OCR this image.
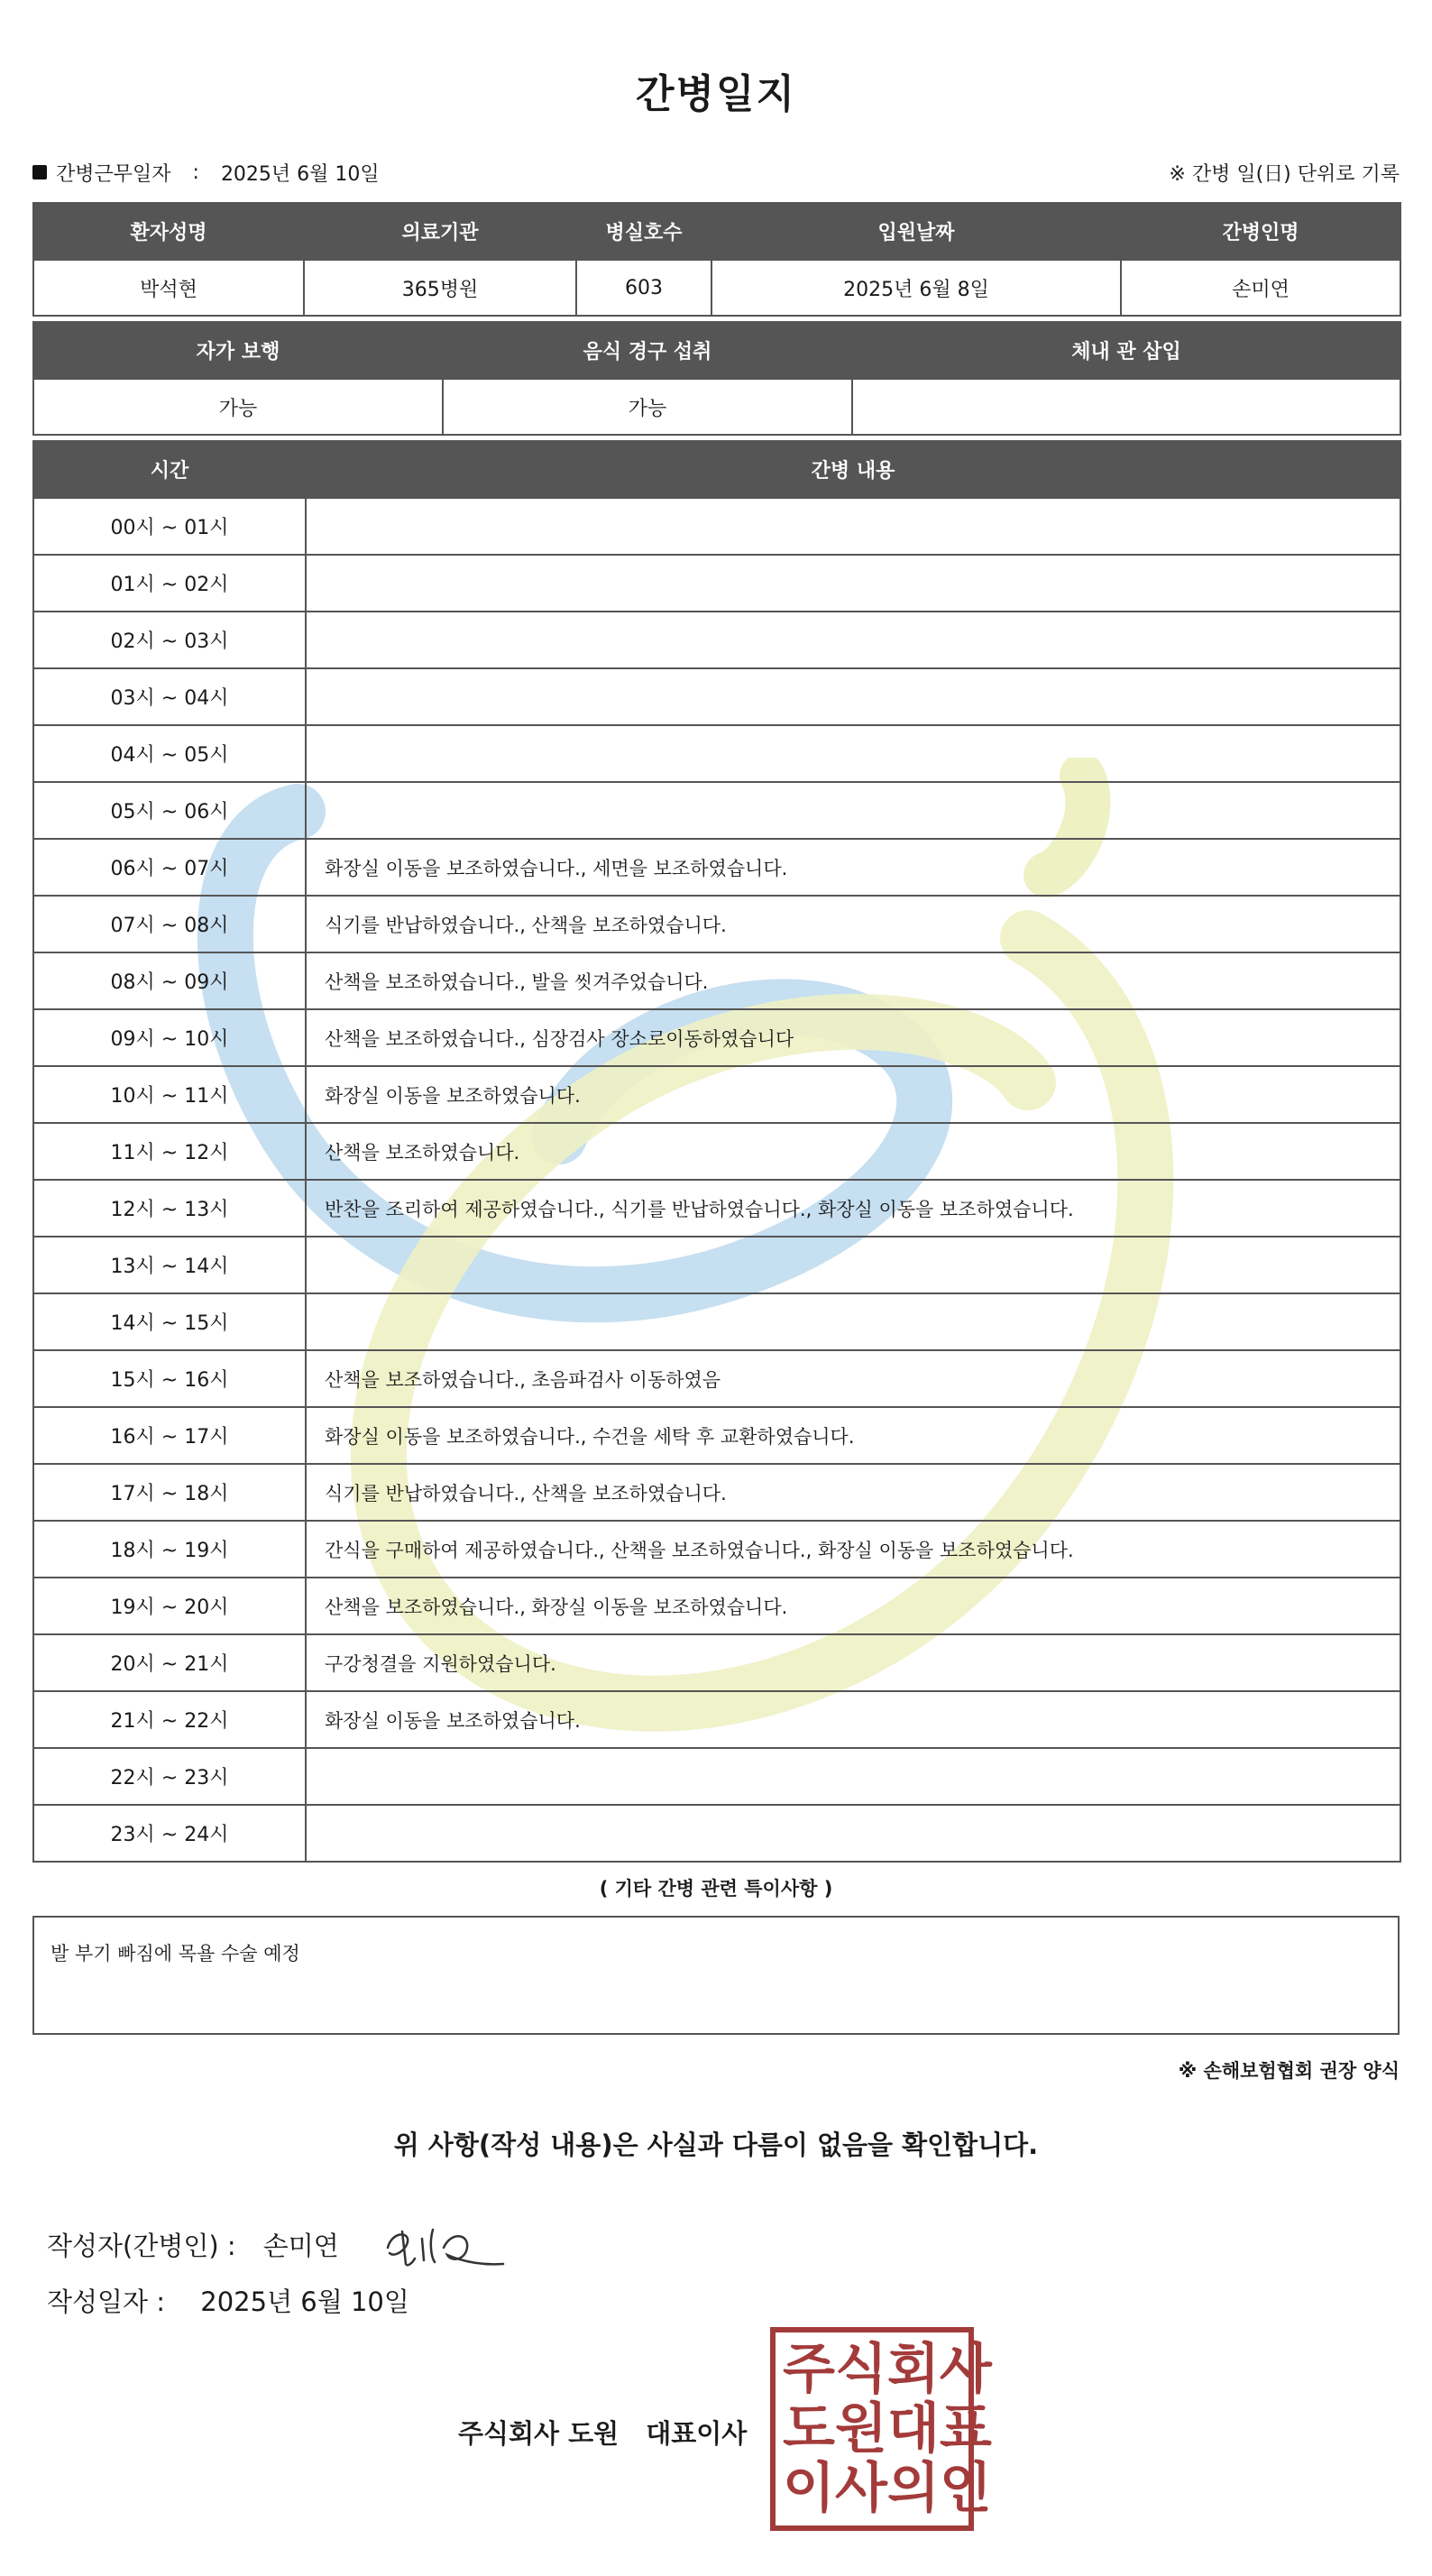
간병일지
간병근무일자 : 2025년 6월 10일	※ 간병 일(日) 단위로 기록
환자성명	의료기관	병실호수	입원날짜	간병인명
박석현	365병원	603	2025년 6월 8일	손미연
자가 보행	음식 경구 섭취	체내 관 삽입
가능	가능	
시간	간병 내용
00시 ~ 01시	
01시 ~ 02시	
02시 ~ 03시	
03시 ~ 04시	
04시 ~ 05시	
05시 ~ 06시	
06시 ~ 07시	화장실 이동을 보조하였습니다., 세면을 보조하였습니다.
07시 ~ 08시	식기를 반납하였습니다., 산책을 보조하였습니다.
08시 ~ 09시	산책을 보조하였습니다., 발을 씻겨주었습니다.
09시 ~ 10시	산책을 보조하였습니다., 심장검사 장소로이동하였습니다
10시 ~ 11시	화장실 이동을 보조하였습니다.
11시 ~ 12시	산책을 보조하였습니다.
12시 ~ 13시	반찬을 조리하여 제공하였습니다., 식기를 반납하였습니다., 화장실 이동을 보조하였습니다.
13시 ~ 14시	
14시 ~ 15시	
15시 ~ 16시	산책을 보조하였습니다., 초음파검사 이동하였음
16시 ~ 17시	화장실 이동을 보조하였습니다., 수건을 세탁 후 교환하였습니다.
17시 ~ 18시	식기를 반납하였습니다., 산책을 보조하였습니다.
18시 ~ 19시	간식을 구매하여 제공하였습니다., 산책을 보조하였습니다., 화장실 이동을 보조하였습니다.
19시 ~ 20시	산책을 보조하였습니다., 화장실 이동을 보조하였습니다.
20시 ~ 21시	구강청결을 지원하였습니다.
21시 ~ 22시	화장실 이동을 보조하였습니다.
22시 ~ 23시	
23시 ~ 24시	
( 기타 간병 관련 특이사항 )
발 부기 빠짐에 목욜 수술 예정
※ 손해보험협회 권장 양식
위 사항(작성 내용)은 사실과 다름이 없음을 확인합니다.
작성자(간병인) : 손미연
작성일자 : 2025년 6월 10일
주식회사 도원 대표이사
주 식 회 사
도 원 대 표
이 사 의 인
